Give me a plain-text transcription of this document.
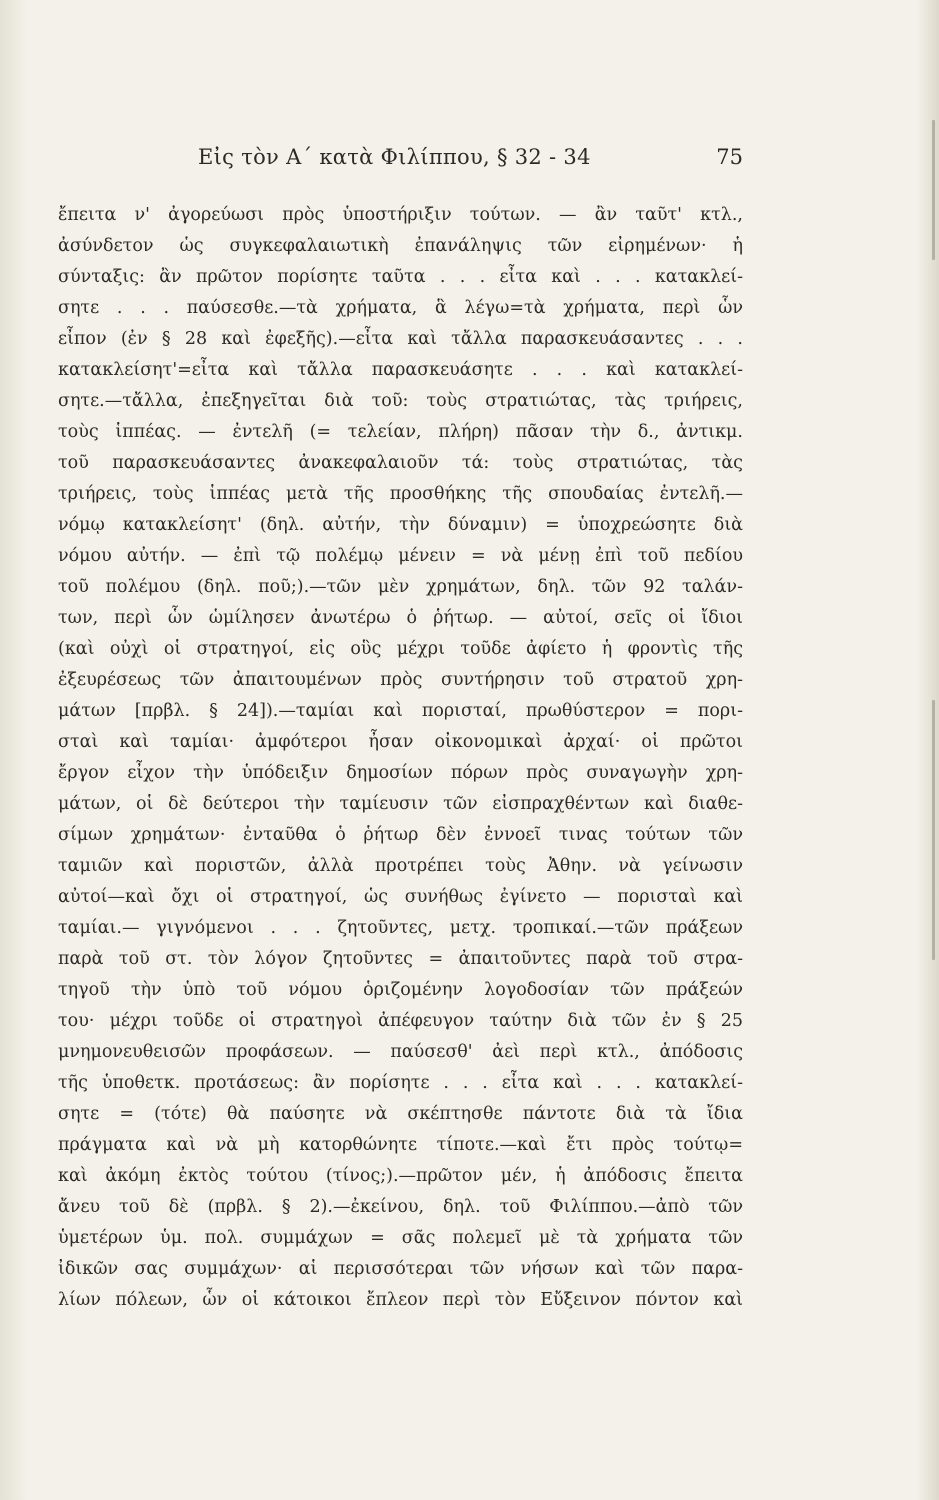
Εἰς τὸν Α΄ κατὰ Φιλίππου, § 32 - 34	75
ἔπειτα ν' ἀγορεύωσι πρὸς ὑποστήριξιν τούτων. — ἂν ταῦτ' κτλ.,
ἀσύνδετον ὡς συγκεφαλαιωτικὴ ἐπανάληψις τῶν εἰρημένων· ἡ
σύνταξις: ἂν πρῶτον πορίσητε ταῦτα . . . εἶτα καὶ . . . κατακλεί-
σητε . . . παύσεσθε.—τὰ χρήματα, ἃ λέγω=τὰ χρήματα, περὶ ὧν
εἶπον (ἐν § 28 καὶ ἐφεξῆς).—εἶτα καὶ τἄλλα παρασκευάσαντες . . .
κατακλείσητ'=εἶτα καὶ τἄλλα παρασκευάσητε . . . καὶ κατακλεί-
σητε.—τἄλλα, ἐπεξηγεῖται διὰ τοῦ: τοὺς στρατιώτας, τὰς τριήρεις,
τοὺς ἱππέας. — ἐντελῆ (= τελείαν, πλήρη) πᾶσαν τὴν δ., ἀντικμ.
τοῦ παρασκευάσαντες ἀνακεφαλαιοῦν τά: τοὺς στρατιώτας, τὰς
τριήρεις, τοὺς ἱππέας μετὰ τῆς προσθήκης τῆς σπουδαίας ἐντελῆ.—
νόμῳ κατακλείσητ' (δηλ. αὐτήν, τὴν δύναμιν) = ὑποχρεώσητε διὰ
νόμου αὐτήν. — ἐπὶ τῷ πολέμῳ μένειν = νὰ μένῃ ἐπὶ τοῦ πεδίου
τοῦ πολέμου (δηλ. ποῦ;).—τῶν μὲν χρημάτων, δηλ. τῶν 92 ταλάν-
των, περὶ ὧν ὡμίλησεν ἀνωτέρω ὁ ῥήτωρ. — αὐτοί, σεῖς οἱ ἴδιοι
(καὶ οὐχὶ οἱ στρατηγοί, εἰς οὓς μέχρι τοῦδε ἀφίετο ἡ φροντὶς τῆς
ἐξευρέσεως τῶν ἀπαιτουμένων πρὸς συντήρησιν τοῦ στρατοῦ χρη-
μάτων [πρβλ. § 24]).—ταμίαι καὶ πορισταί, πρωθύστερον = πορι-
σταὶ καὶ ταμίαι· ἀμφότεροι ἦσαν οἰκονομικαὶ ἀρχαί· οἱ πρῶτοι
ἔργον εἶχον τὴν ὑπόδειξιν δημοσίων πόρων πρὸς συναγωγὴν χρη-
μάτων, οἱ δὲ δεύτεροι τὴν ταμίευσιν τῶν εἰσπραχθέντων καὶ διαθε-
σίμων χρημάτων· ἐνταῦθα ὁ ῥήτωρ δὲν ἐννοεῖ τινας τούτων τῶν
ταμιῶν καὶ ποριστῶν, ἀλλὰ προτρέπει τοὺς Ἀθην. νὰ γείνωσιν
αὐτοί—καὶ ὄχι οἱ στρατηγοί, ὡς συνήθως ἐγίνετο — πορισταὶ καὶ
ταμίαι.— γιγνόμενοι . . . ζητοῦντες, μετχ. τροπικαί.—τῶν πράξεων
παρὰ τοῦ στ. τὸν λόγον ζητοῦντες = ἀπαιτοῦντες παρὰ τοῦ στρα-
τηγοῦ τὴν ὑπὸ τοῦ νόμου ὁριζομένην λογοδοσίαν τῶν πράξεών
του· μέχρι τοῦδε οἱ στρατηγοὶ ἀπέφευγον ταύτην διὰ τῶν ἐν § 25
μνημονευθεισῶν προφάσεων. — παύσεσθ' ἀεὶ περὶ κτλ., ἀπόδοσις
τῆς ὑποθετκ. προτάσεως: ἂν πορίσητε . . . εἶτα καὶ . . . κατακλεί-
σητε = (τότε) θὰ παύσητε νὰ σκέπτησθε πάντοτε διὰ τὰ ἴδια
πράγματα καὶ νὰ μὴ κατορθώνητε τίποτε.—καὶ ἔτι πρὸς τούτῳ=
καὶ ἀκόμη ἐκτὸς τούτου (τίνος;).—πρῶτον μέν, ἡ ἀπόδοσις ἔπειτα
ἄνευ τοῦ δὲ (πρβλ. § 2).—ἐκείνου, δηλ. τοῦ Φιλίππου.—ἀπὸ τῶν
ὑμετέρων ὑμ. πολ. συμμάχων = σᾶς πολεμεῖ μὲ τὰ χρήματα τῶν
ἰδικῶν σας συμμάχων· αἱ περισσότεραι τῶν νήσων καὶ τῶν παρα-
λίων πόλεων, ὧν οἱ κάτοικοι ἔπλεον περὶ τὸν Εὔξεινον πόντον καὶ
